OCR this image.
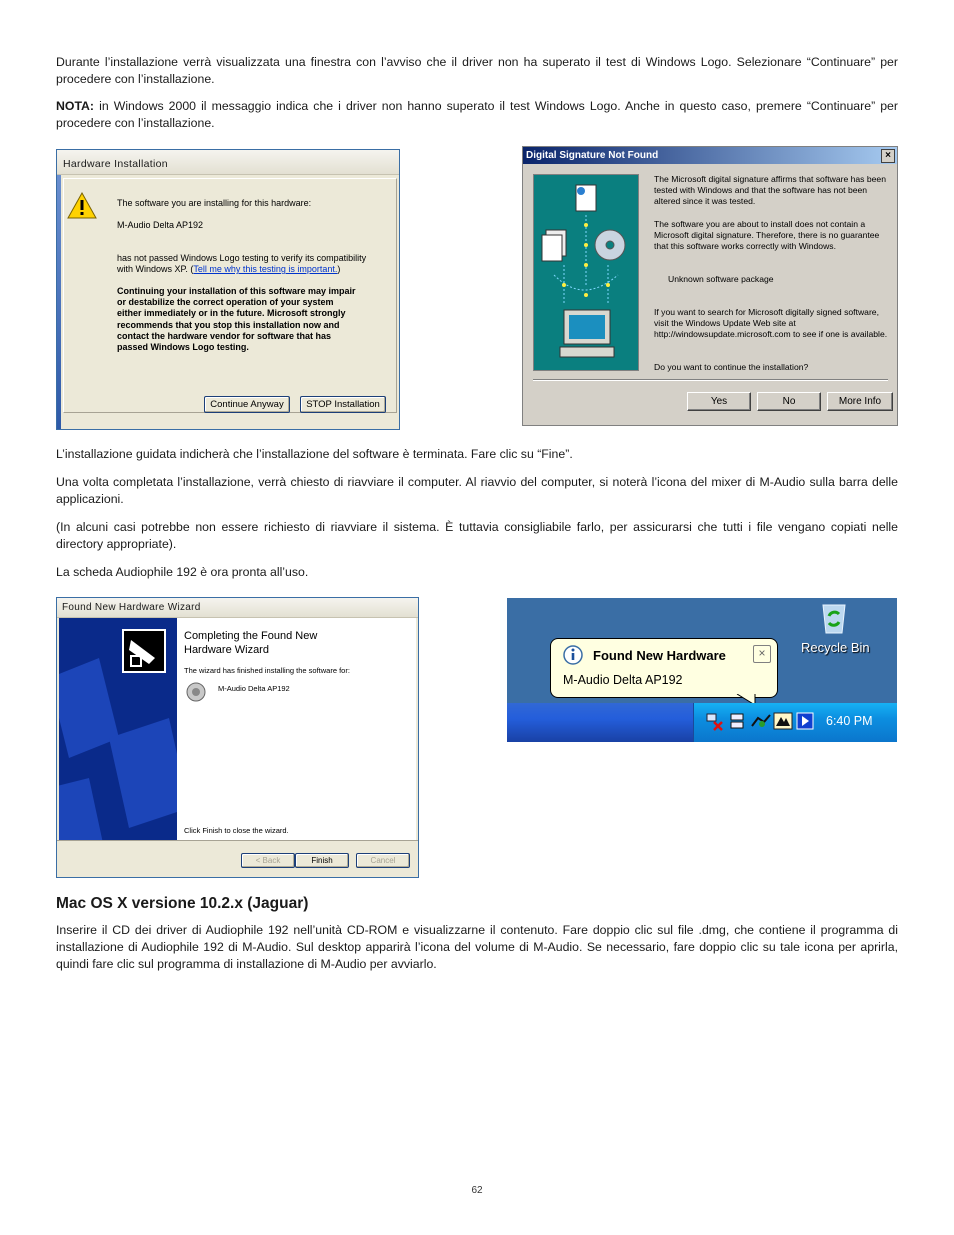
Durante l’installazione verrà visualizzata una finestra con l’avviso che il driver non ha superato il test di Windows Logo. Selezionare “Continuare” per procedere con l’installazione.

NOTA: in Windows 2000 il messaggio indica che i driver non hanno superato il test Windows Logo. Anche in questo caso, premere “Continuare” per procedere con l’installazione.

Hardware Installation
The software you are installing for this hardware:
M-Audio Delta AP192
has not passed Windows Logo testing to verify its compatibility
with Windows XP. (Tell me why this testing is important.)
Continuing your installation of this software may impair
or destabilize the correct operation of your system
either immediately or in the future. Microsoft strongly
recommends that you stop this installation now and
contact the hardware vendor for software that has
passed Windows Logo testing.
Continue Anyway	STOP Installation
Digital Signature Not Found	×
The Microsoft digital signature affirms that software has been tested with Windows and that the software has not been altered since it was tested.
The software you are about to install does not contain a Microsoft digital signature. Therefore, there is no guarantee that this software works correctly with Windows.
Unknown software package
If you want to search for Microsoft digitally signed software, visit the Windows Update Web site at http://windowsupdate.microsoft.com to see if one is available.
Do you want to continue the installation?
Yes	No	More Info

L’installazione guidata indicherà che l’installazione del software è terminata. Fare clic su “Fine”.

Una volta completata l’installazione, verrà chiesto di riavviare il computer. Al riavvio del computer, si noterà l’icona del mixer di M-Audio sulla barra delle applicazioni.

(In alcuni casi potrebbe non essere richiesto di riavviare il sistema. È tuttavia consigliabile farlo, per assicurarsi che tutti i file vengano copiati nelle directory appropriate).

La scheda Audiophile 192 è ora pronta all’uso.

Found New Hardware Wizard
Completing the Found New
Hardware Wizard
The wizard has finished installing the software for:
M-Audio Delta AP192
Click Finish to close the wizard.
< Back	Finish	Cancel
Recycle Bin
Found New Hardware
M-Audio Delta AP192
×
6:40 PM
Mac OS X versione 10.2.x (Jaguar)

Inserire il CD dei driver di Audiophile 192 nell’unità CD-ROM e visualizzarne il contenuto. Fare doppio clic sul file .dmg, che contiene il programma di installazione di Audiophile 192 di M-Audio. Sul desktop apparirà l’icona del volume di M-Audio. Se necessario, fare doppio clic su tale icona per aprirla, quindi fare clic sul programma di installazione di M-Audio per avviarlo.

62
